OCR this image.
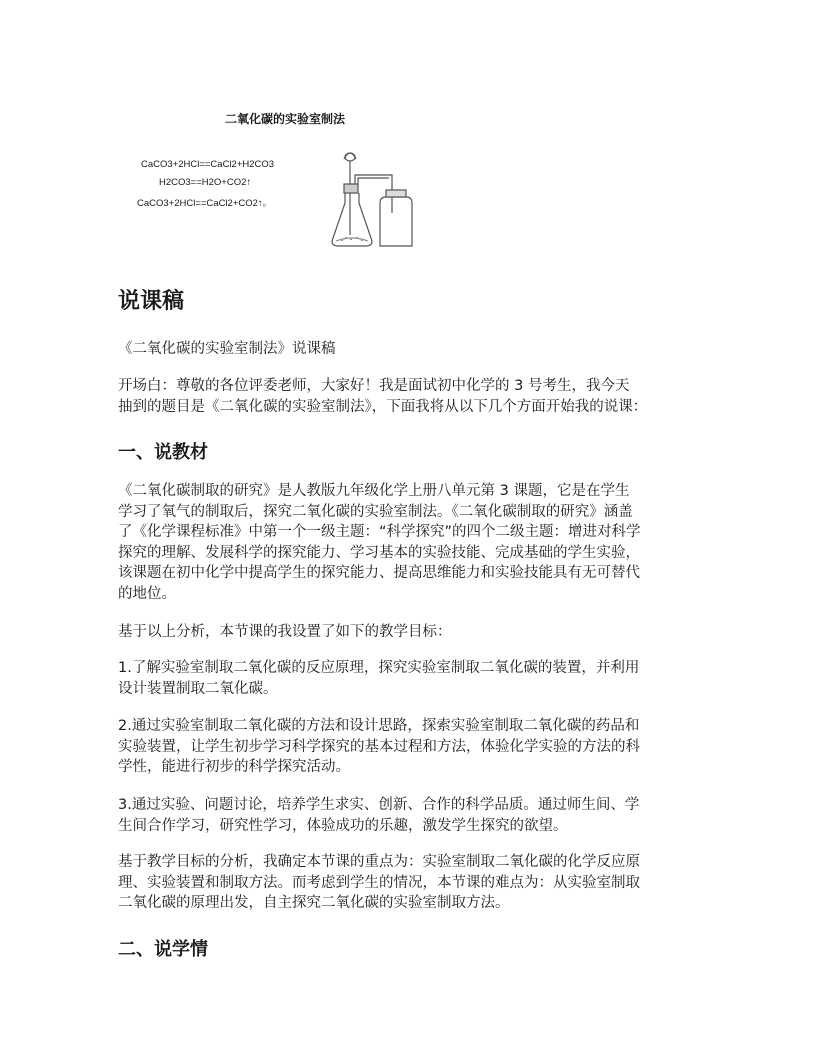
二氧化碳的实验室制法
CaCO3+2HCl==CaCl2+H2CO3
H2CO3==H2O+CO2↑
CaCO3+2HCl==CaCl2+CO2↑。
说课稿
《二氧化碳的实验室制法》说课稿
开场白：尊敬的各位评委老师，大家好！我是面试初中化学的 3 号考生，我今天
抽到的题目是《二氧化碳的实验室制法》，下面我将从以下几个方面开始我的说课：
一、说教材
《二氧化碳制取的研究》是人教版九年级化学上册八单元第 3 课题，它是在学生
学习了氧气的制取后，探究二氧化碳的实验室制法。《二氧化碳制取的研究》涵盖
了《化学课程标准》中第一个一级主题：“科学探究”的四个二级主题：增进对科学
探究的理解、发展科学的探究能力、学习基本的实验技能、完成基础的学生实验，
该课题在初中化学中提高学生的探究能力、提高思维能力和实验技能具有无可替代
的地位。
基于以上分析，本节课的我设置了如下的教学目标：
1.了解实验室制取二氧化碳的反应原理，探究实验室制取二氧化碳的装置，并利用
设计装置制取二氧化碳。
2.通过实验室制取二氧化碳的方法和设计思路，探索实验室制取二氧化碳的药品和
实验装置，让学生初步学习科学探究的基本过程和方法，体验化学实验的方法的科
学性，能进行初步的科学探究活动。
3.通过实验、问题讨论，培养学生求实、创新、合作的科学品质。通过师生间、学
生间合作学习，研究性学习，体验成功的乐趣，激发学生探究的欲望。
基于教学目标的分析，我确定本节课的重点为：实验室制取二氧化碳的化学反应原
理、实验装置和制取方法。而考虑到学生的情况，本节课的难点为：从实验室制取
二氧化碳的原理出发，自主探究二氧化碳的实验室制取方法。
二、说学情
